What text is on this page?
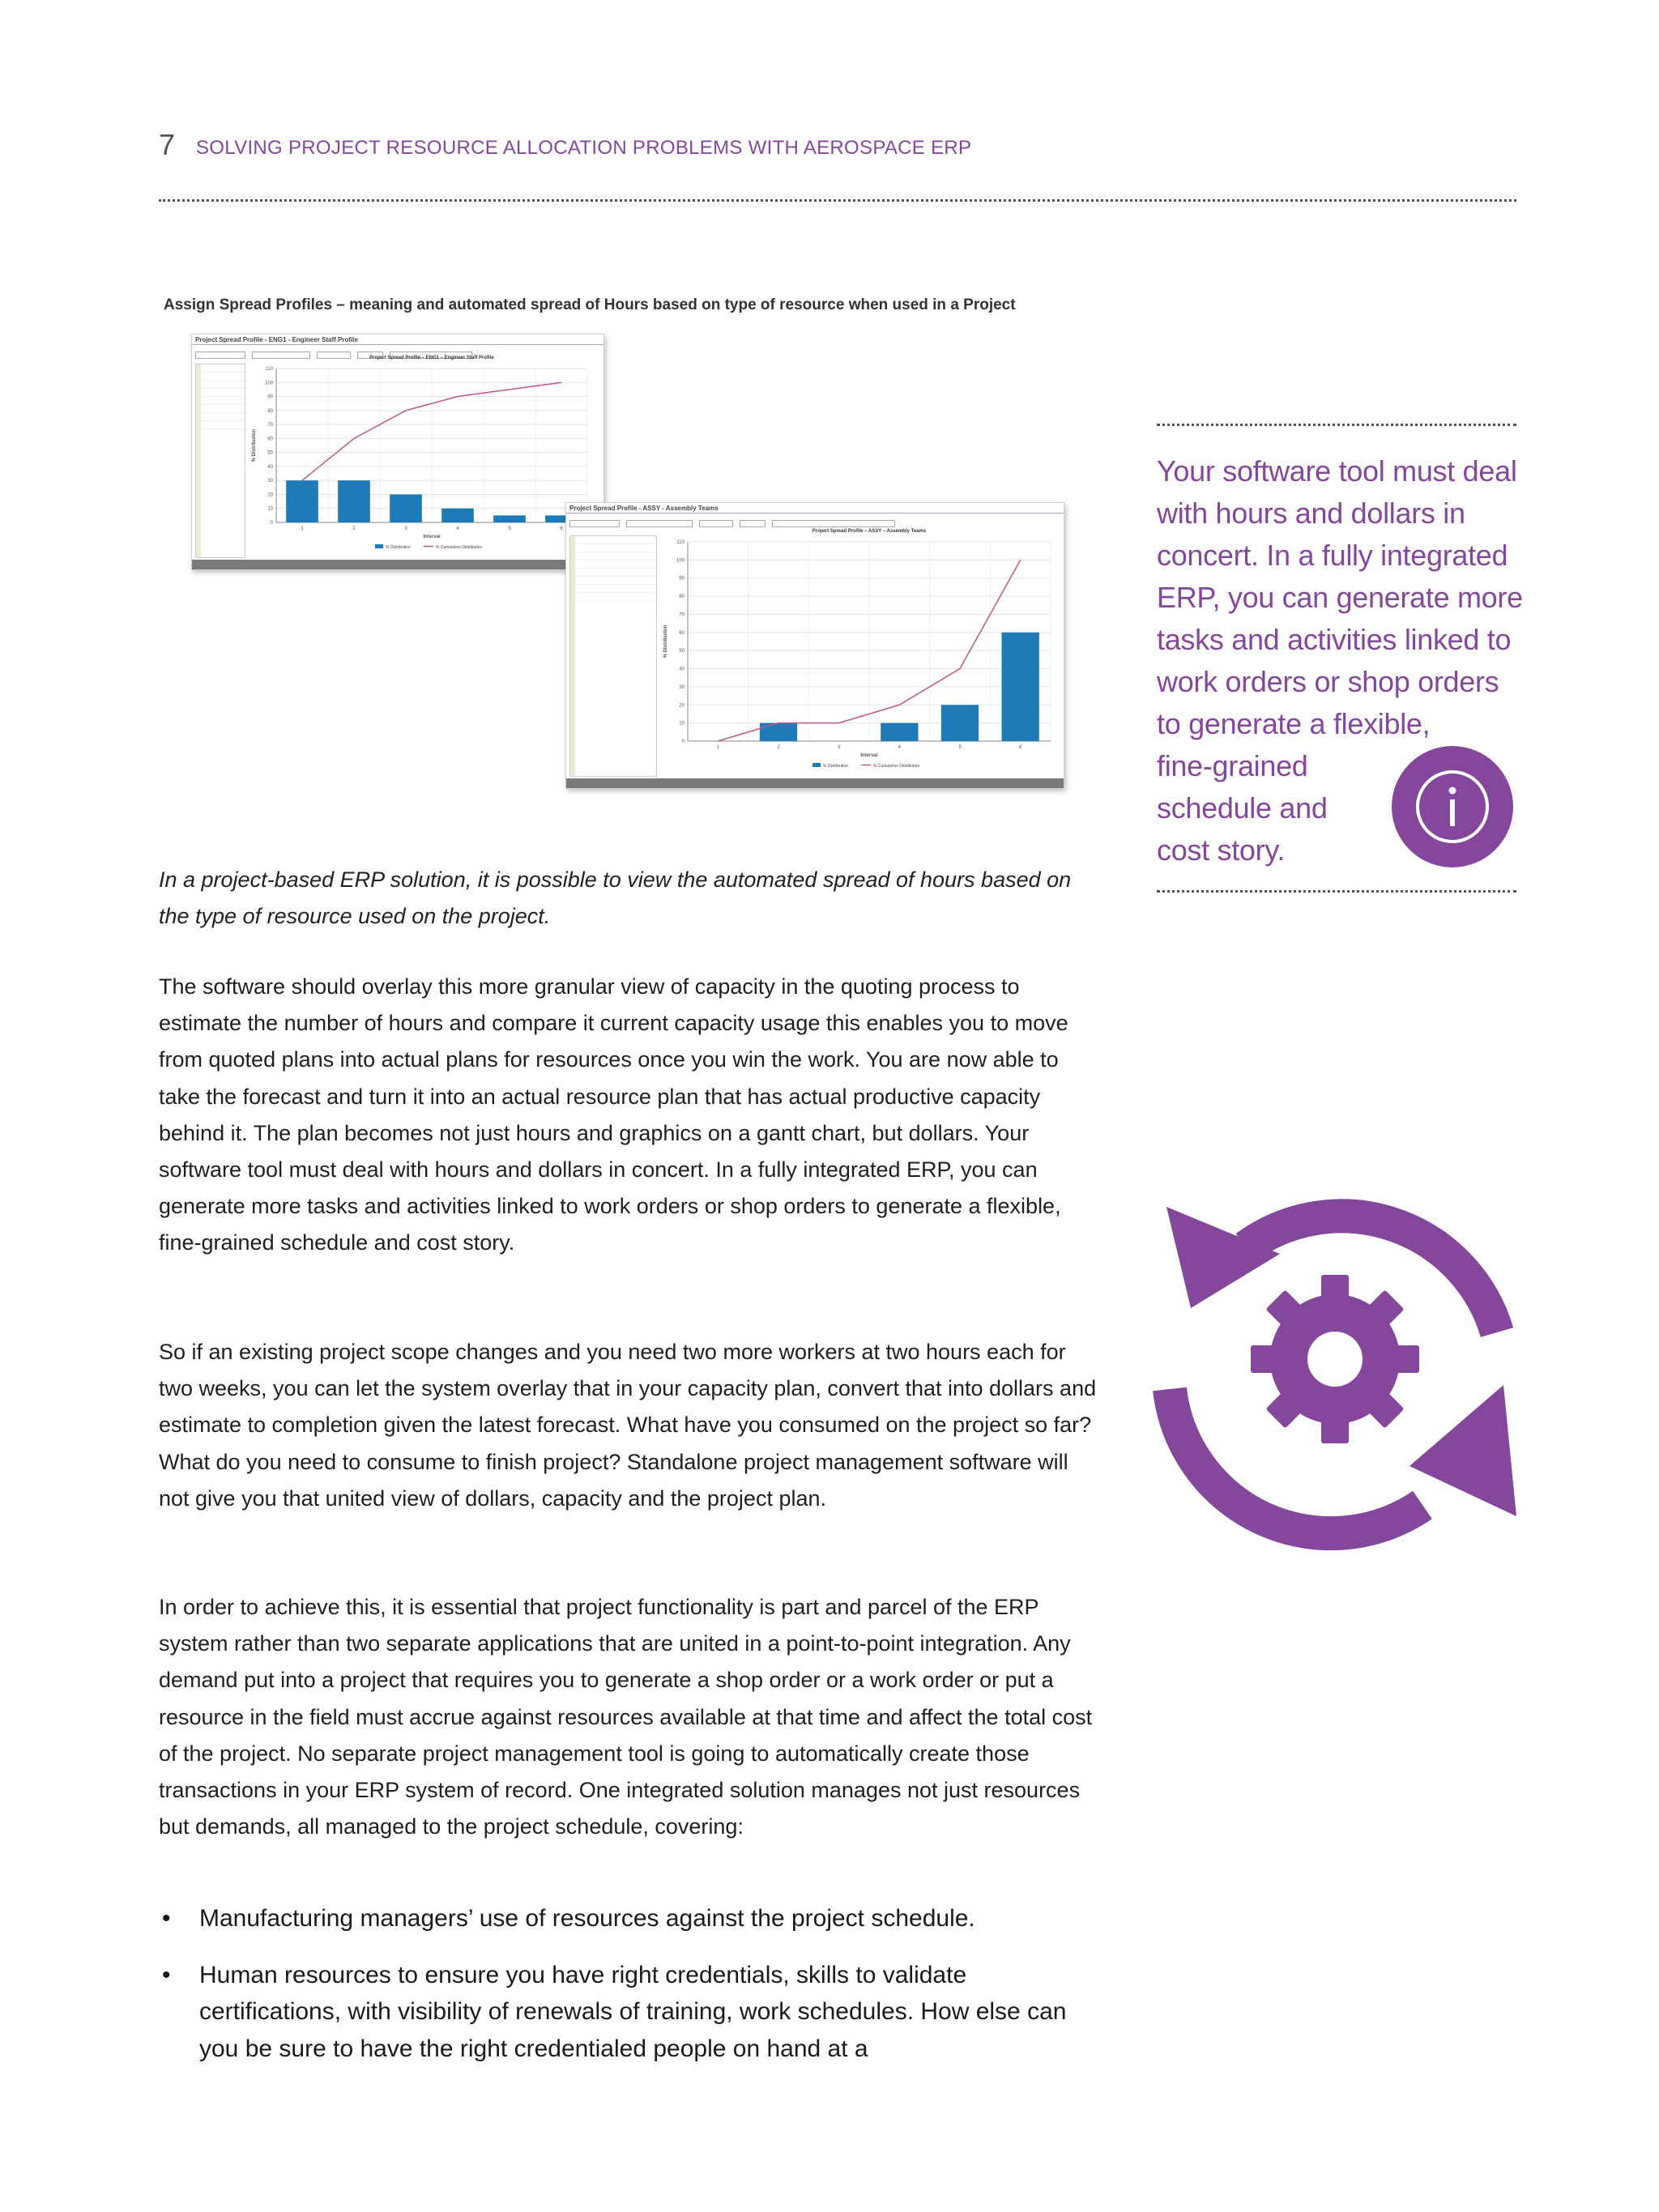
7 SOLVING PROJECT RESOURCE ALLOCATION PROBLEMS WITH AEROSPACE ERP
Assign Spread Profiles – meaning and automated spread of Hours based on type of resource when used in a Project
Project Spread Profile - ENG1 - Engineer Staff Profile
Project Spread Profile – ENG1 – Engineer Staff Profile
0
10
20
30
40
50
60
70
80
90
100
110
1	2	3	4	5	6
Interval
% Distribution
% Distribution	% Cumulative Distribution
Project Spread Profile - ASSY - Assembly Teams
Project Spread Profile – ASSY – Assembly Teams
0
10
20
30
40
50
60
70
80
90
100
110
1	2	3	4	5	6
Interval
% Distribution
% Distribution	% Cumulative Distribution
In a project-based ERP solution, it is possible to view the automated spread of hours based on the type of resource used on the project.
The software should overlay this more granular view of capacity in the quoting process to estimate the number of hours and compare it current capacity usage this enables you to move from quoted plans into actual plans for resources once you win the work. You are now able to take the forecast and turn it into an actual resource plan that has actual productive capacity behind it. The plan becomes not just hours and graphics on a gantt chart, but dollars. Your software tool must deal with hours and dollars in concert. In a fully integrated ERP, you can generate more tasks and activities linked to work orders or shop orders to generate a flexible, fine-grained schedule and cost story.
So if an existing project scope changes and you need two more workers at two hours each for two weeks, you can let the system overlay that in your capacity plan, convert that into dollars and estimate to completion given the latest forecast. What have you consumed on the project so far? What do you need to consume to finish project? Standalone project management software will not give you that united view of dollars, capacity and the project plan.
In order to achieve this, it is essential that project functionality is part and parcel of the ERP system rather than two separate applications that are united in a point-to-point integration. Any demand put into a project that requires you to generate a shop order or a work order or put a resource in the field must accrue against resources available at that time and affect the total cost of the project. No separate project management tool is going to automatically create those transactions in your ERP system of record. One integrated solution manages not just resources but demands, all managed to the project schedule, covering:
• Manufacturing managers’ use of resources against the project schedule.
• Human resources to ensure you have right credentials, skills to validate certifications, with visibility of renewals of training, work schedules. How else can you be sure to have the right credentialed people on hand at a
Your software tool must deal
with hours and dollars in
concert. In a fully integrated
ERP, you can generate more
tasks and activities linked to
work orders or shop orders
to generate a flexible,
fine-grained
schedule and
cost story.
